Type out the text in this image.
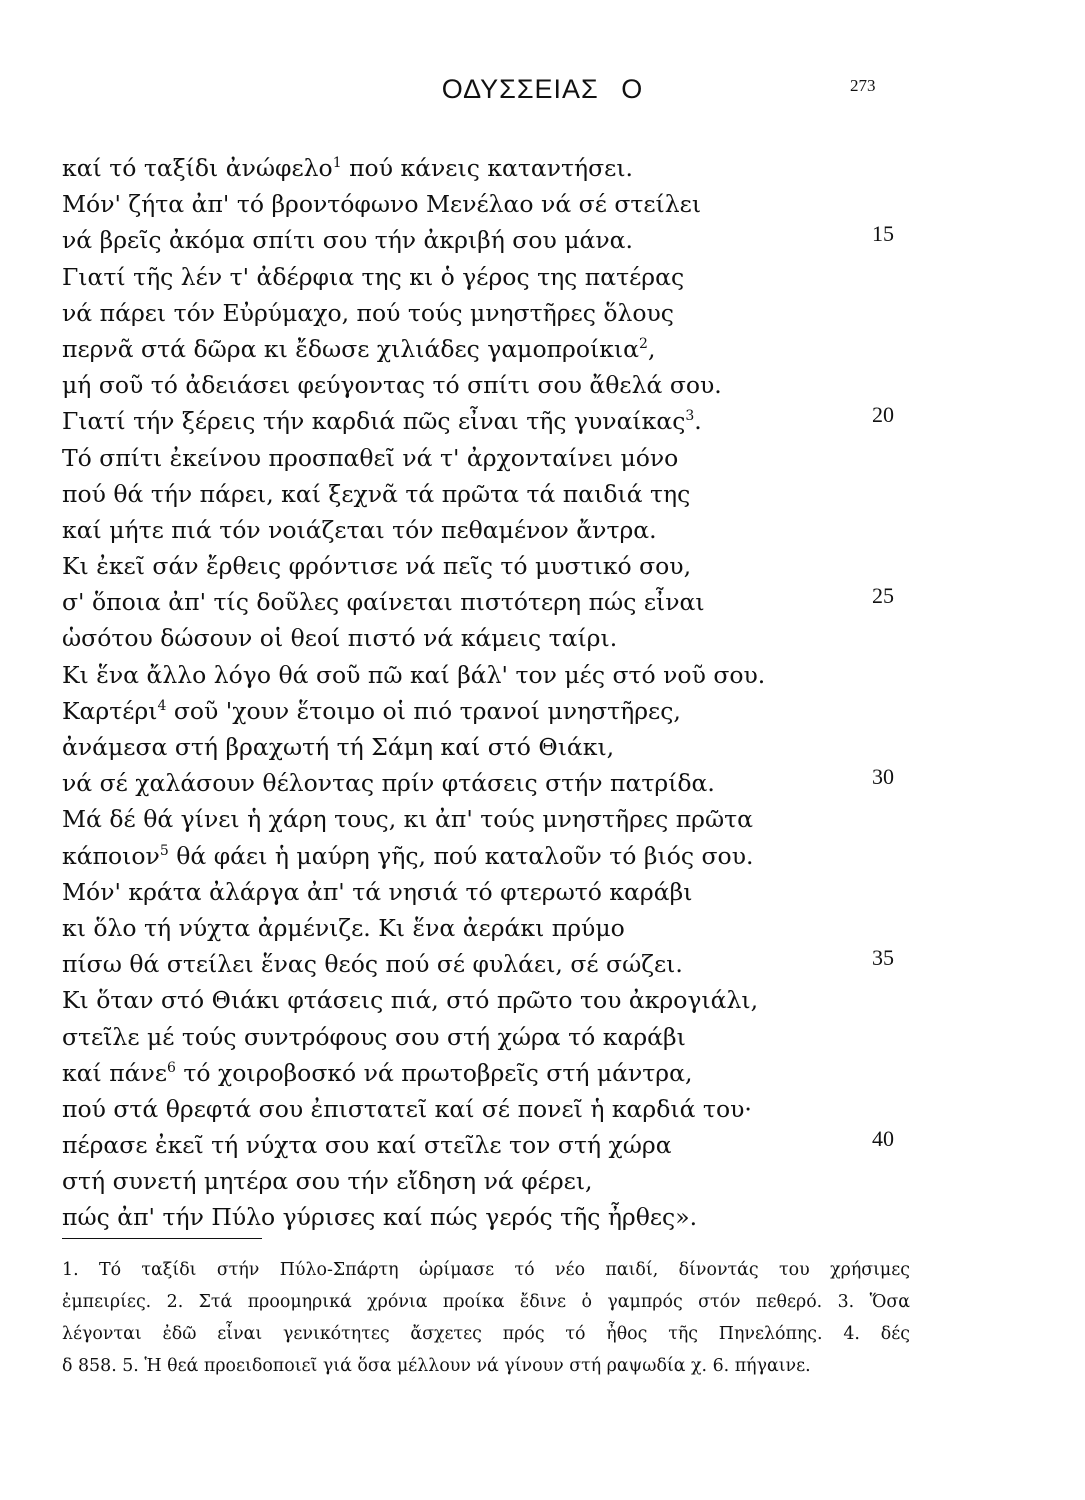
ΟΔΥΣΣΕΙΑΣ Ο	273
καί τό ταξίδι ἀνώφελο$^1$ πού κάνεις καταντήσει.
Μόν' ζήτα ἀπ' τό βροντόφωνο Μενέλαο νά σέ στείλει
νά βρεῖς ἀκόμα σπίτι σου τήν ἀκριβή σου μάνα.	15
Γιατί τῆς λέν τ' ἀδέρφια της κι ὁ γέρος της πατέρας
νά πάρει τόν Εὐρύμαχο, πού τούς μνηστῆρες ὅλους
περνᾶ στά δῶρα κι ἔδωσε χιλιάδες γαμοπροίκια$^2$,
μή σοῦ τό ἀδειάσει φεύγοντας τό σπίτι σου ἄθελά σου.
Γιατί τήν ξέρεις τήν καρδιά πῶς εἶναι τῆς γυναίκας$^3$.	20
Τό σπίτι ἐκείνου προσπαθεῖ νά τ' ἀρχονταίνει μόνο
πού θά τήν πάρει, καί ξεχνᾶ τά πρῶτα τά παιδιά της
καί μήτε πιά τόν νοιάζεται τόν πεθαμένον ἄντρα.
Κι ἐκεῖ σάν ἔρθεις φρόντισε νά πεῖς τό μυστικό σου,
σ' ὅποια ἀπ' τίς δοῦλες φαίνεται πιστότερη πώς εἶναι	25
ὡσότου δώσουν οἱ θεοί πιστό νά κάμεις ταίρι.
Κι ἕνα ἄλλο λόγο θά σοῦ πῶ καί βάλ' τον μές στό νοῦ σου.
Καρτέρι$^4$ σοῦ 'χουν ἕτοιμο οἱ πιό τρανοί μνηστῆρες,
ἀνάμεσα στή βραχωτή τή Σάμη καί στό Θιάκι,
νά σέ χαλάσουν θέλοντας πρίν φτάσεις στήν πατρίδα.	30
Μά δέ θά γίνει ἡ χάρη τους, κι ἀπ' τούς μνηστῆρες πρῶτα
κάποιον$^5$ θά φάει ἡ μαύρη γῆς, πού καταλοῦν τό βιός σου.
Μόν' κράτα ἀλάργα ἀπ' τά νησιά τό φτερωτό καράβι
κι ὅλο τή νύχτα ἀρμένιζε. Κι ἕνα ἀεράκι πρύμο
πίσω θά στείλει ἕνας θεός πού σέ φυλάει, σέ σώζει.	35
Κι ὅταν στό Θιάκι φτάσεις πιά, στό πρῶτο του ἀκρογιάλι,
στεῖλε μέ τούς συντρόφους σου στή χώρα τό καράβι
καί πάνε$^6$ τό χοιροβοσκό νά πρωτοβρεῖς στή μάντρα,
πού στά θρεφτά σου ἐπιστατεῖ καί σέ πονεῖ ἡ καρδιά του·
πέρασε ἐκεῖ τή νύχτα σου καί στεῖλε τον στή χώρα	40
στή συνετή μητέρα σου τήν εἴδηση νά φέρει,
πώς ἀπ' τήν Πύλο γύρισες καί πώς γερός τῆς ἦρθες».
1. Τό ταξίδι στήν Πύλο-Σπάρτη ὡρίμασε τό νέο παιδί, δίνοντάς του χρήσιμες
ἐμπειρίες. 2. Στά προομηρικά χρόνια προίκα ἔδινε ὁ γαμπρός στόν πεθερό. 3. Ὅσα
λέγονται ἐδῶ εἶναι γενικότητες ἄσχετες πρός τό ἦθος τῆς Πηνελόπης. 4. δές
δ 858. 5. Ἡ θεά προειδοποιεῖ γιά ὅσα μέλλουν νά γίνουν στή ραψωδία χ. 6. πήγαινε.
